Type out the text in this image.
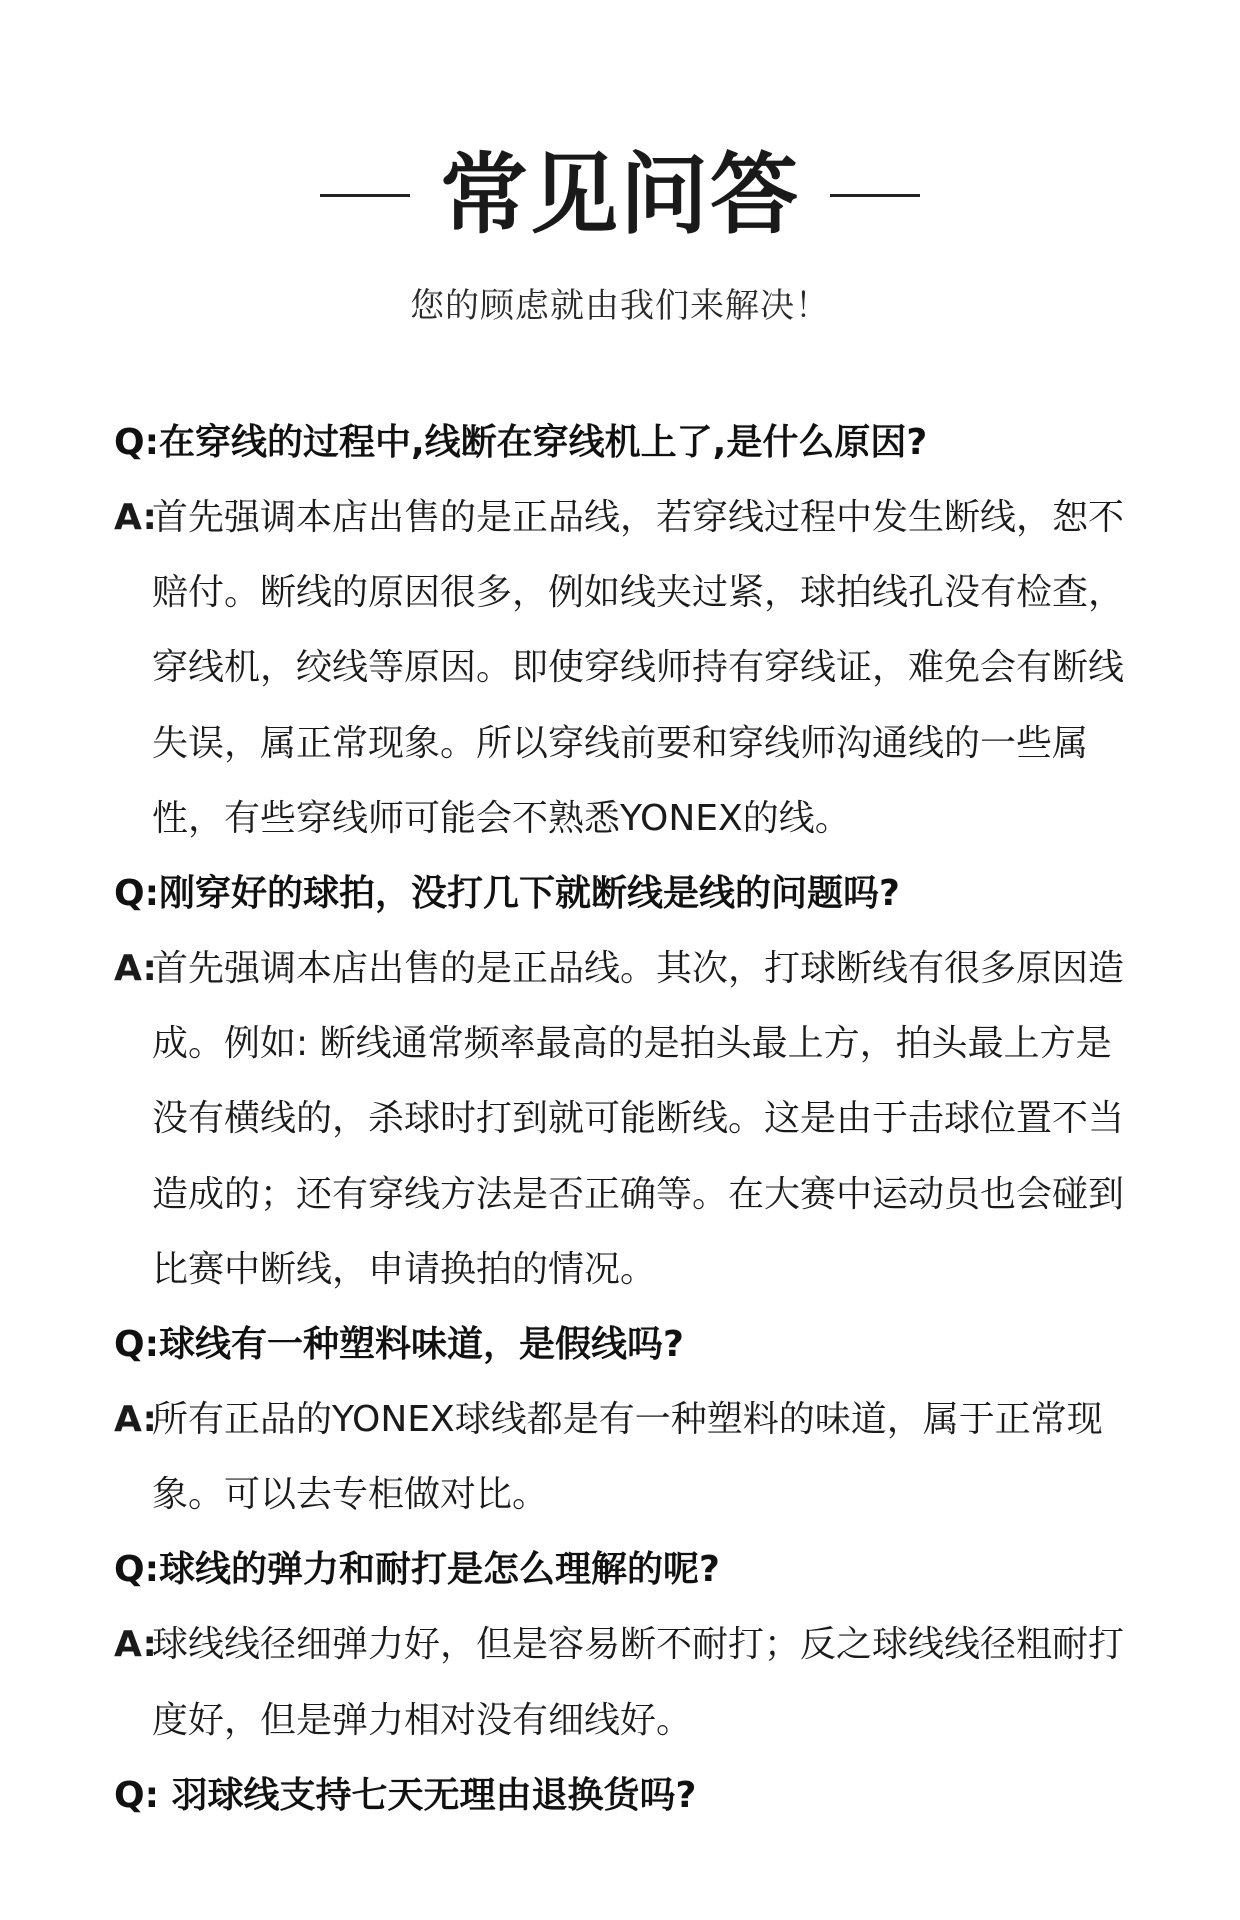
常见问答
您的顾虑就由我们来解决！
Q:在穿线的过程中,线断在穿线机上了,是什么原因?
A:
首先强调本店出售的是正品线，若穿线过程中发生断线，恕不赔付。断线的原因很多，例如线夹过紧，球拍线孔没有检查，穿线机，绞线等原因。即使穿线师持有穿线证，难免会有断线失误，属正常现象。所以穿线前要和穿线师沟通线的一些属性，有些穿线师可能会不熟悉YONEX的线。
Q:刚穿好的球拍，没打几下就断线是线的问题吗?
A:
首先强调本店出售的是正品线。其次，打球断线有很多原因造成。例如: 断线通常频率最高的是拍头最上方，拍头最上方是没有横线的，杀球时打到就可能断线。这是由于击球位置不当造成的；还有穿线方法是否正确等。在大赛中运动员也会碰到比赛中断线，申请换拍的情况。
Q:球线有一种塑料味道，是假线吗?
A:
所有正品的YONEX球线都是有一种塑料的味道，属于正常现象。可以去专柜做对比。
Q:球线的弹力和耐打是怎么理解的呢?
A:
球线线径细弹力好，但是容易断不耐打；反之球线线径粗耐打度好，但是弹力相对没有细线好。
Q: 羽球线支持七天无理由退换货吗?
